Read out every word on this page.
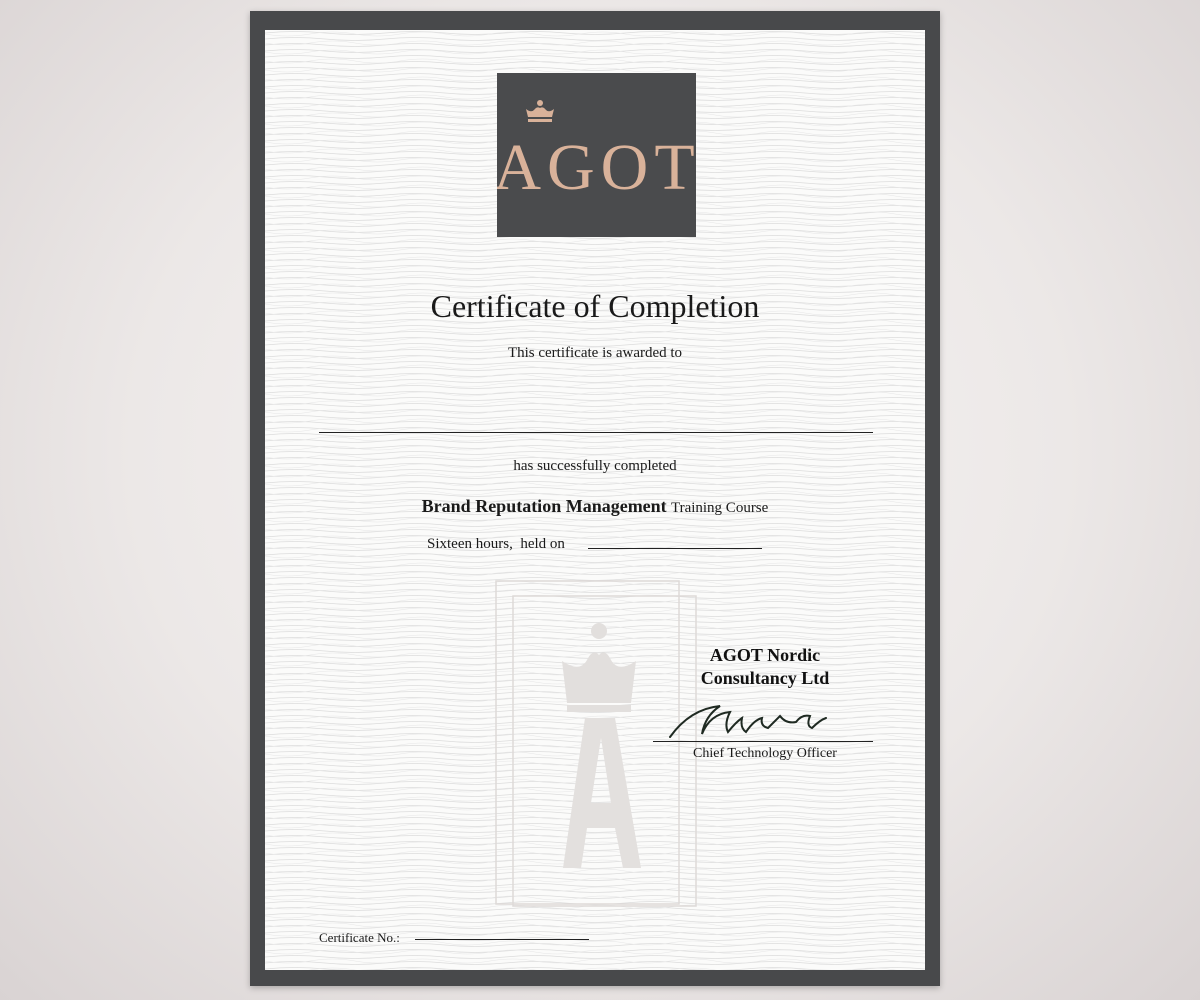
AGOT
Certificate of Completion
This certificate is awarded to
has successfully completed
Brand Reputation Management Training Course
Sixteen hours,  held on
AGOT Nordic
Consultancy Ltd
Chief Technology Officer
Certificate No.:
